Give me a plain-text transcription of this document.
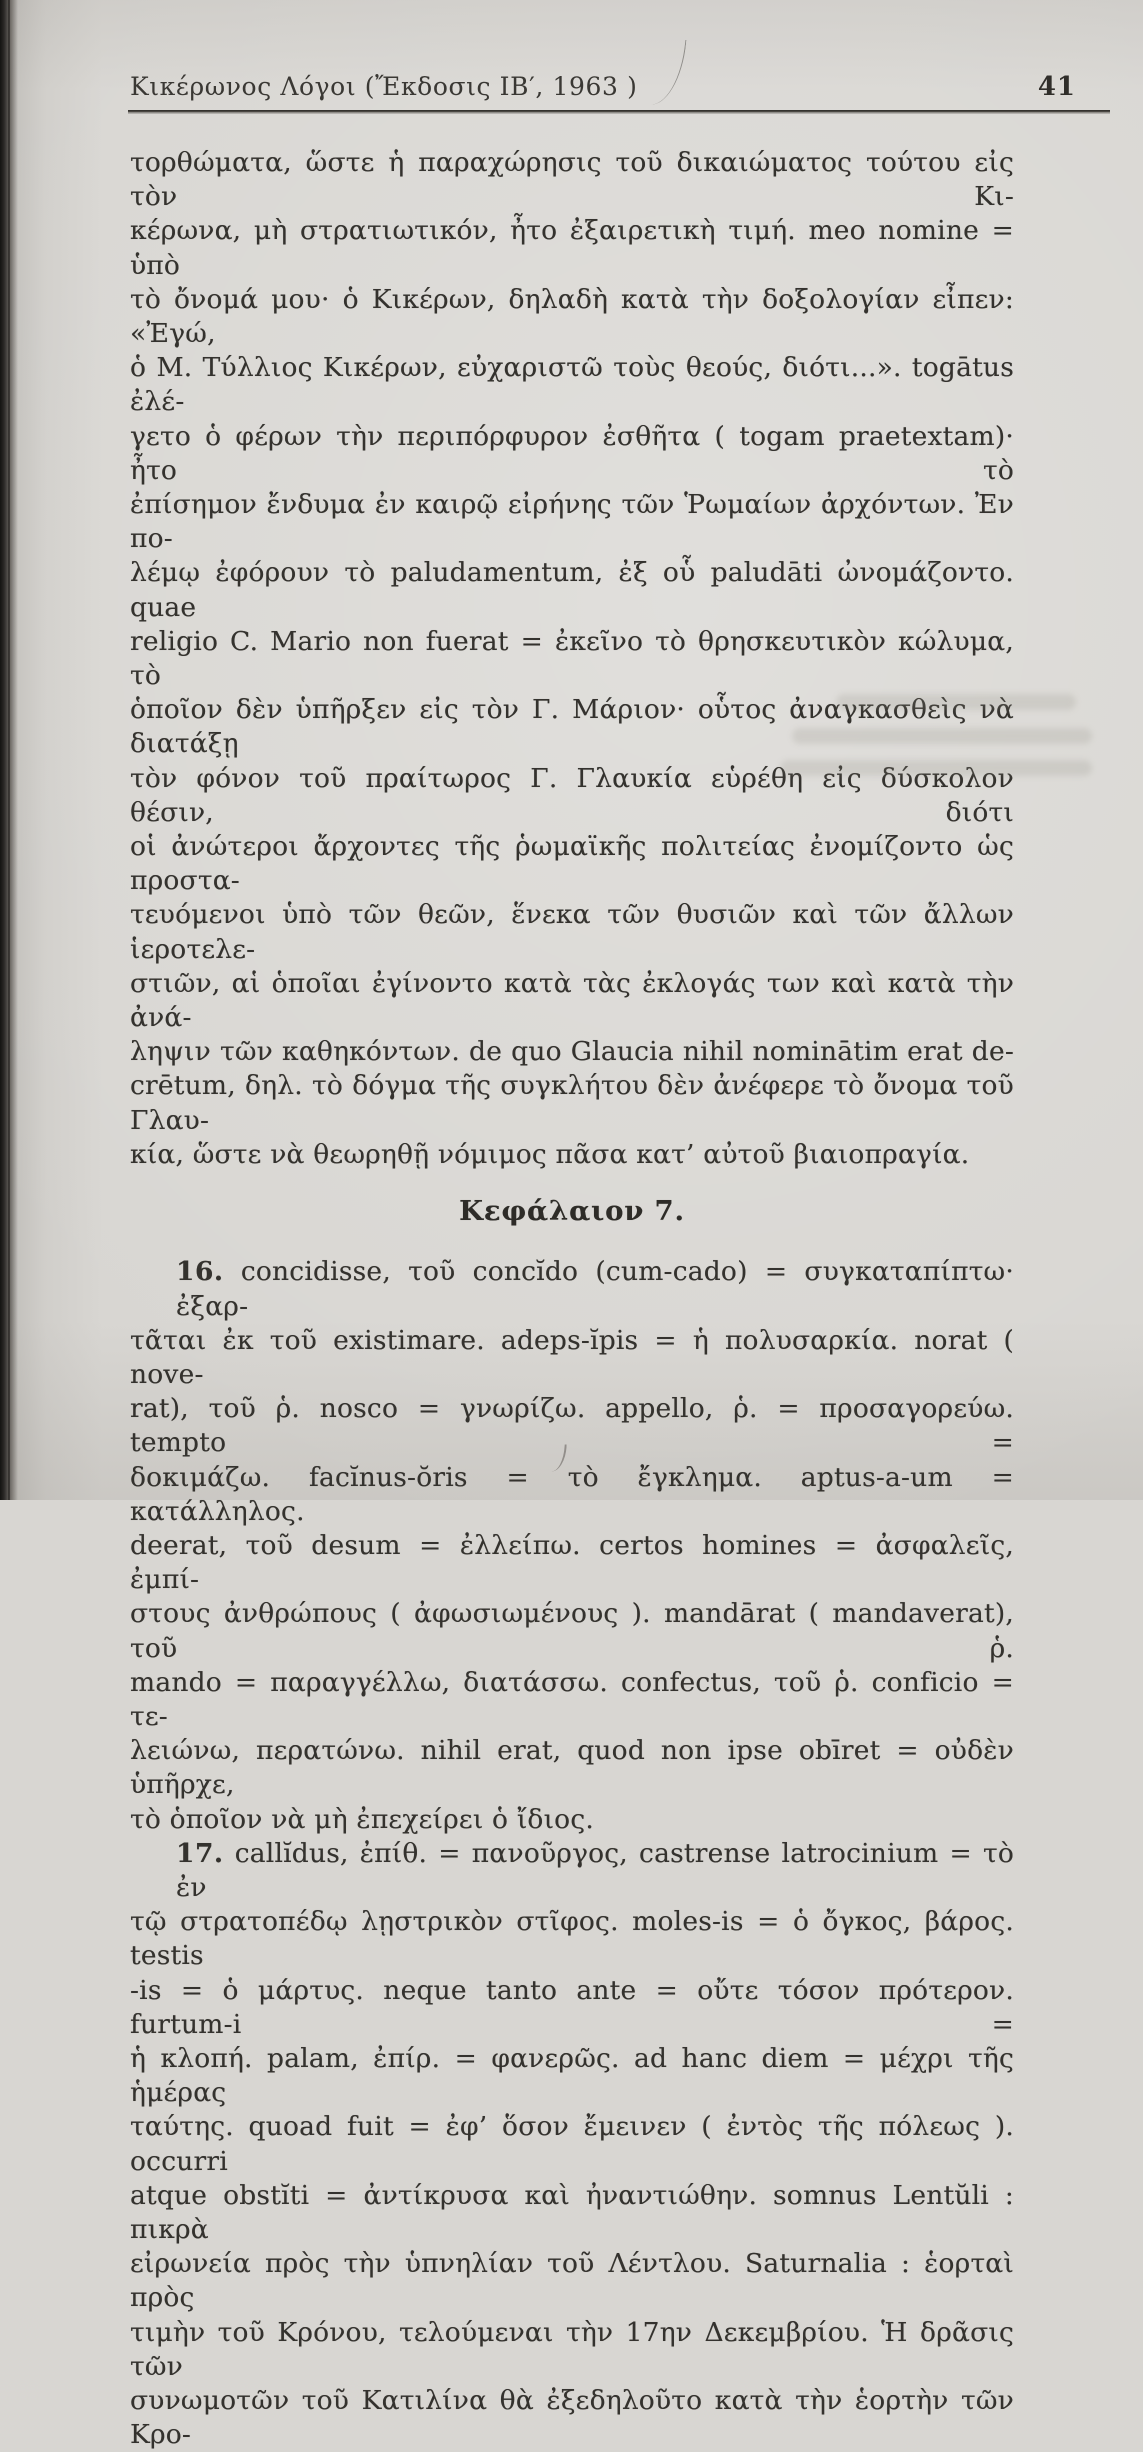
Κικέρωνος Λόγοι (Ἔκδοσις ΙΒ′, 1963 )	41
τορθώματα, ὥστε ἡ παραχώρησις τοῦ δικαιώματος τούτου εἰς τὸν Κι-
κέρωνα, μὴ στρατιωτικόν, ἦτο ἐξαιρετικὴ τιμή. meo nomine = ὑπὸ
τὸ ὄνομά μου· ὁ Κικέρων, δηλαδὴ κατὰ τὴν δοξολογίαν εἶπεν: «Ἐγώ,
ὁ Μ. Τύλλιος Κικέρων, εὐχαριστῶ τοὺς θεούς, διότι...». togātus ἐλέ-
γετο ὁ φέρων τὴν περιπόρφυρον ἐσθῆτα ( togam praetextam)· ἦτο τὸ
ἐπίσημον ἔνδυμα ἐν καιρῷ εἰρήνης τῶν Ῥωμαίων ἀρχόντων. Ἐν πο-
λέμῳ ἐφόρουν τὸ paludamentum, ἐξ οὗ paludāti ὠνομάζοντο. quae
religio C. Mario non fuerat = ἐκεῖνο τὸ θρησκευτικὸν κώλυμα, τὸ
ὁποῖον δὲν ὑπῆρξεν εἰς τὸν Γ. Μάριον· οὗτος ἀναγκασθεὶς νὰ διατάξῃ
τὸν φόνον τοῦ πραίτωρος Γ. Γλαυκία εὑρέθη εἰς δύσκολον θέσιν, διότι
οἱ ἀνώτεροι ἄρχοντες τῆς ῥωμαϊκῆς πολιτείας ἐνομίζοντο ὡς προστα-
τευόμενοι ὑπὸ τῶν θεῶν, ἕνεκα τῶν θυσιῶν καὶ τῶν ἄλλων ἱεροτελε-
στιῶν, αἱ ὁποῖαι ἐγίνοντο κατὰ τὰς ἐκλογάς των καὶ κατὰ τὴν ἀνά-
ληψιν τῶν καθηκόντων. de quo Glaucia nihil nominātim erat de-
crētum, δηλ. τὸ δόγμα τῆς συγκλήτου δὲν ἀνέφερε τὸ ὄνομα τοῦ Γλαυ-
κία, ὥστε νὰ θεωρηθῇ νόμιμος πᾶσα κατ’ αὐτοῦ βιαιοπραγία.
Κεφάλαιον 7.
16. concidisse, τοῦ concĭdo (cum-cado) = συγκαταπίπτω· ἐξαρ-
τᾶται ἐκ τοῦ existimare. adeps-ĭpis = ἡ πολυσαρκία. norat ( nove-
rat), τοῦ ῥ. nosco = γνωρίζω. appello, ῥ. = προσαγορεύω. tempto =
δοκιμάζω. facĭnus-ŏris = τὸ ἔγκλημα. aptus-a-um = κατάλληλος.
deerat, τοῦ desum = ἐλλείπω. certos homines = ἀσφαλεῖς, ἐμπί-
στους ἀνθρώπους ( ἀφωσιωμένους ). mandārat ( mandaverat), τοῦ ῥ.
mando = παραγγέλλω, διατάσσω. confectus, τοῦ ῥ. conficio = τε-
λειώνω, περατώνω. nihil erat, quod non ipse obīret = οὐδὲν ὑπῆρχε,
τὸ ὁποῖον νὰ μὴ ἐπεχείρει ὁ ἴδιος.
17. callĭdus, ἐπίθ. = πανοῦργος, castrense latrocinium = τὸ ἐν
τῷ στρατοπέδῳ λῃστρικὸν στῖφος. moles-is = ὁ ὄγκος, βάρος. testis
-is = ὁ μάρτυς. neque tanto ante = οὔτε τόσον πρότερον. furtum-i =
ἡ κλοπή. palam, ἐπίρ. = φανερῶς. ad hanc diem = μέχρι τῆς ἡμέρας
ταύτης. quoad fuit = ἐφ’ ὅσον ἔμεινεν ( ἐντὸς τῆς πόλεως ). occurri
atque obstĭti = ἀντίκρυσα καὶ ἠναντιώθην. somnus Lentŭli : πικρὰ
εἰρωνεία πρὸς τὴν ὑπνηλίαν τοῦ Λέντλου. Saturnalia : ἑορταὶ πρὸς
τιμὴν τοῦ Κρόνου, τελούμεναι τὴν 17ην Δεκεμβρίου. Ἡ δρᾶσις τῶν
συνωμοτῶν τοῦ Κατιλίνα θὰ ἐξεδηλοῦτο κατὰ τὴν ἑορτὴν τῶν Κρο-
